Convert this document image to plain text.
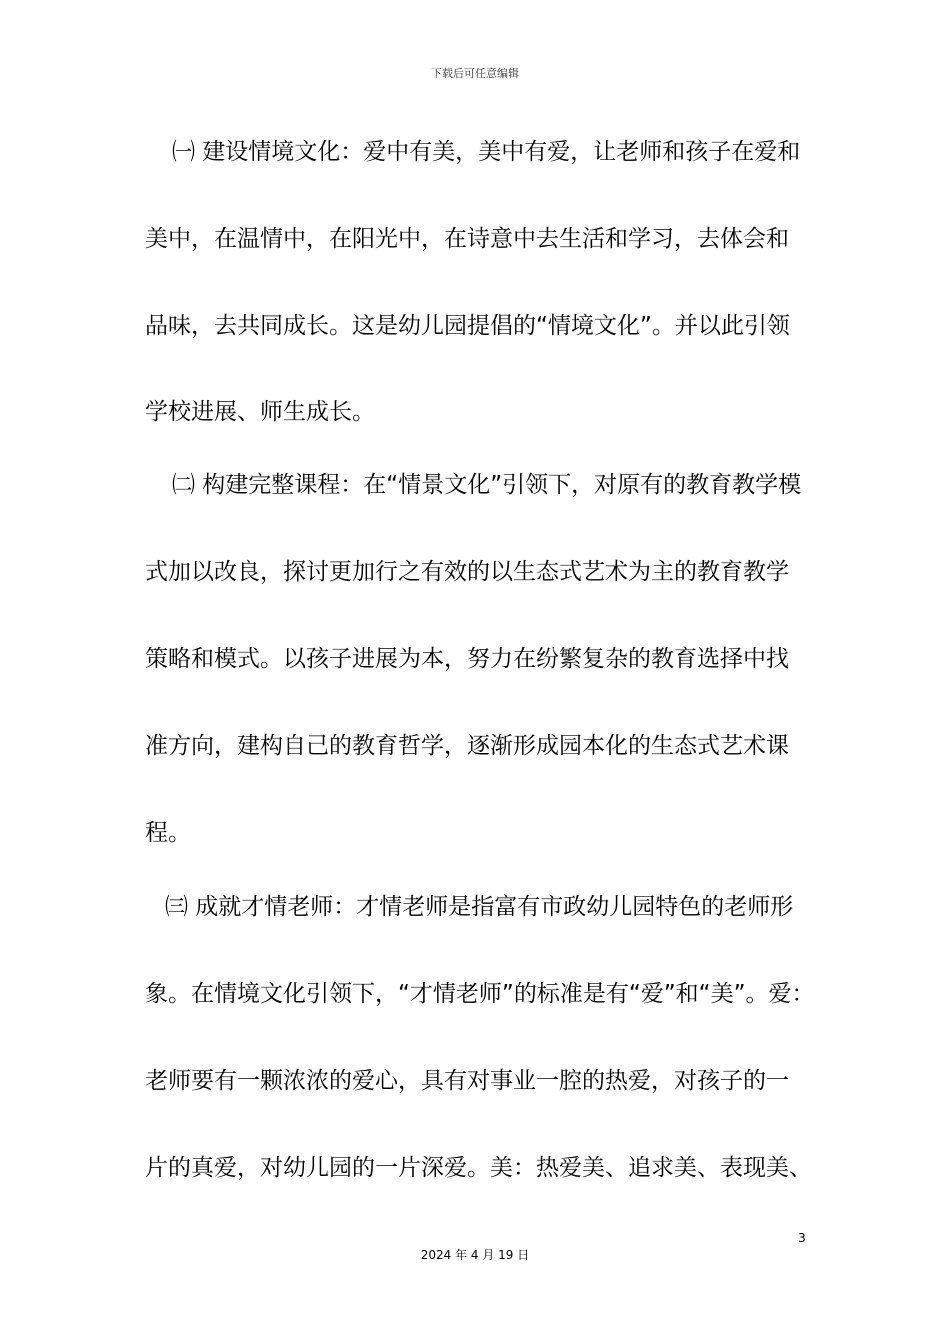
下载后可任意编辑
㈠ 建设情境文化：爱中有美，美中有爱，让老师和孩子在爱和
美中，在温情中，在阳光中，在诗意中去生活和学习，去体会和
品味，去共同成长。这是幼儿园提倡的“情境文化”。并以此引领
学校进展、师生成长。
㈡ 构建完整课程：在“情景文化”引领下，对原有的教育教学模
式加以改良，探讨更加行之有效的以生态式艺术为主的教育教学
策略和模式。以孩子进展为本，努力在纷繁复杂的教育选择中找
准方向，建构自己的教育哲学，逐渐形成园本化的生态式艺术课
程。
㈢ 成就才情老师：才情老师是指富有市政幼儿园特色的老师形
象。在情境文化引领下，“才情老师”的标准是有“爱”和“美”。爱：
老师要有一颗浓浓的爱心，具有对事业一腔的热爱，对孩子的一
片的真爱，对幼儿园的一片深爱。美：热爱美、追求美、表现美、
3
2024 年 4 月 19 日
